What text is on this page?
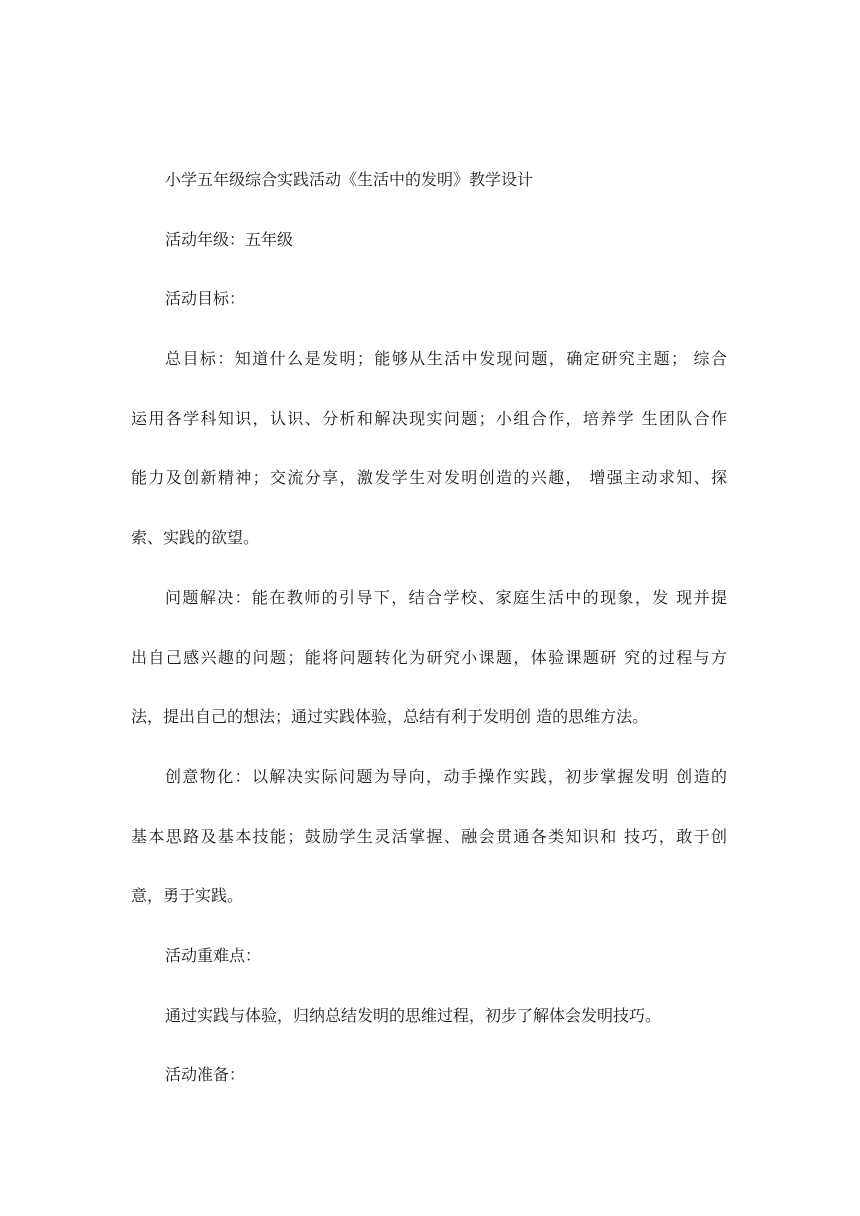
小学五年级综合实践活动《生活中的发明》教学设计
活动年级：五年级
活动目标：
总目标：知道什么是发明；能够从生活中发现问题，确定研究主题； 综合
运用各学科知识，认识、分析和解决现实问题；小组合作，培养学 生团队合作
能力及创新精神；交流分享，激发学生对发明创造的兴趣， 增强主动求知、探
索、实践的欲望。
问题解决：能在教师的引导下，结合学校、家庭生活中的现象，发 现并提
出自己感兴趣的问题；能将问题转化为研究小课题，体验课题研 究的过程与方
法，提出自己的想法；通过实践体验，总结有利于发明创 造的思维方法。
创意物化：以解决实际问题为导向，动手操作实践，初步掌握发明 创造的
基本思路及基本技能；鼓励学生灵活掌握、融会贯通各类知识和 技巧，敢于创
意，勇于实践。
活动重难点：
通过实践与体验，归纳总结发明的思维过程，初步了解体会发明技巧。
活动准备：
